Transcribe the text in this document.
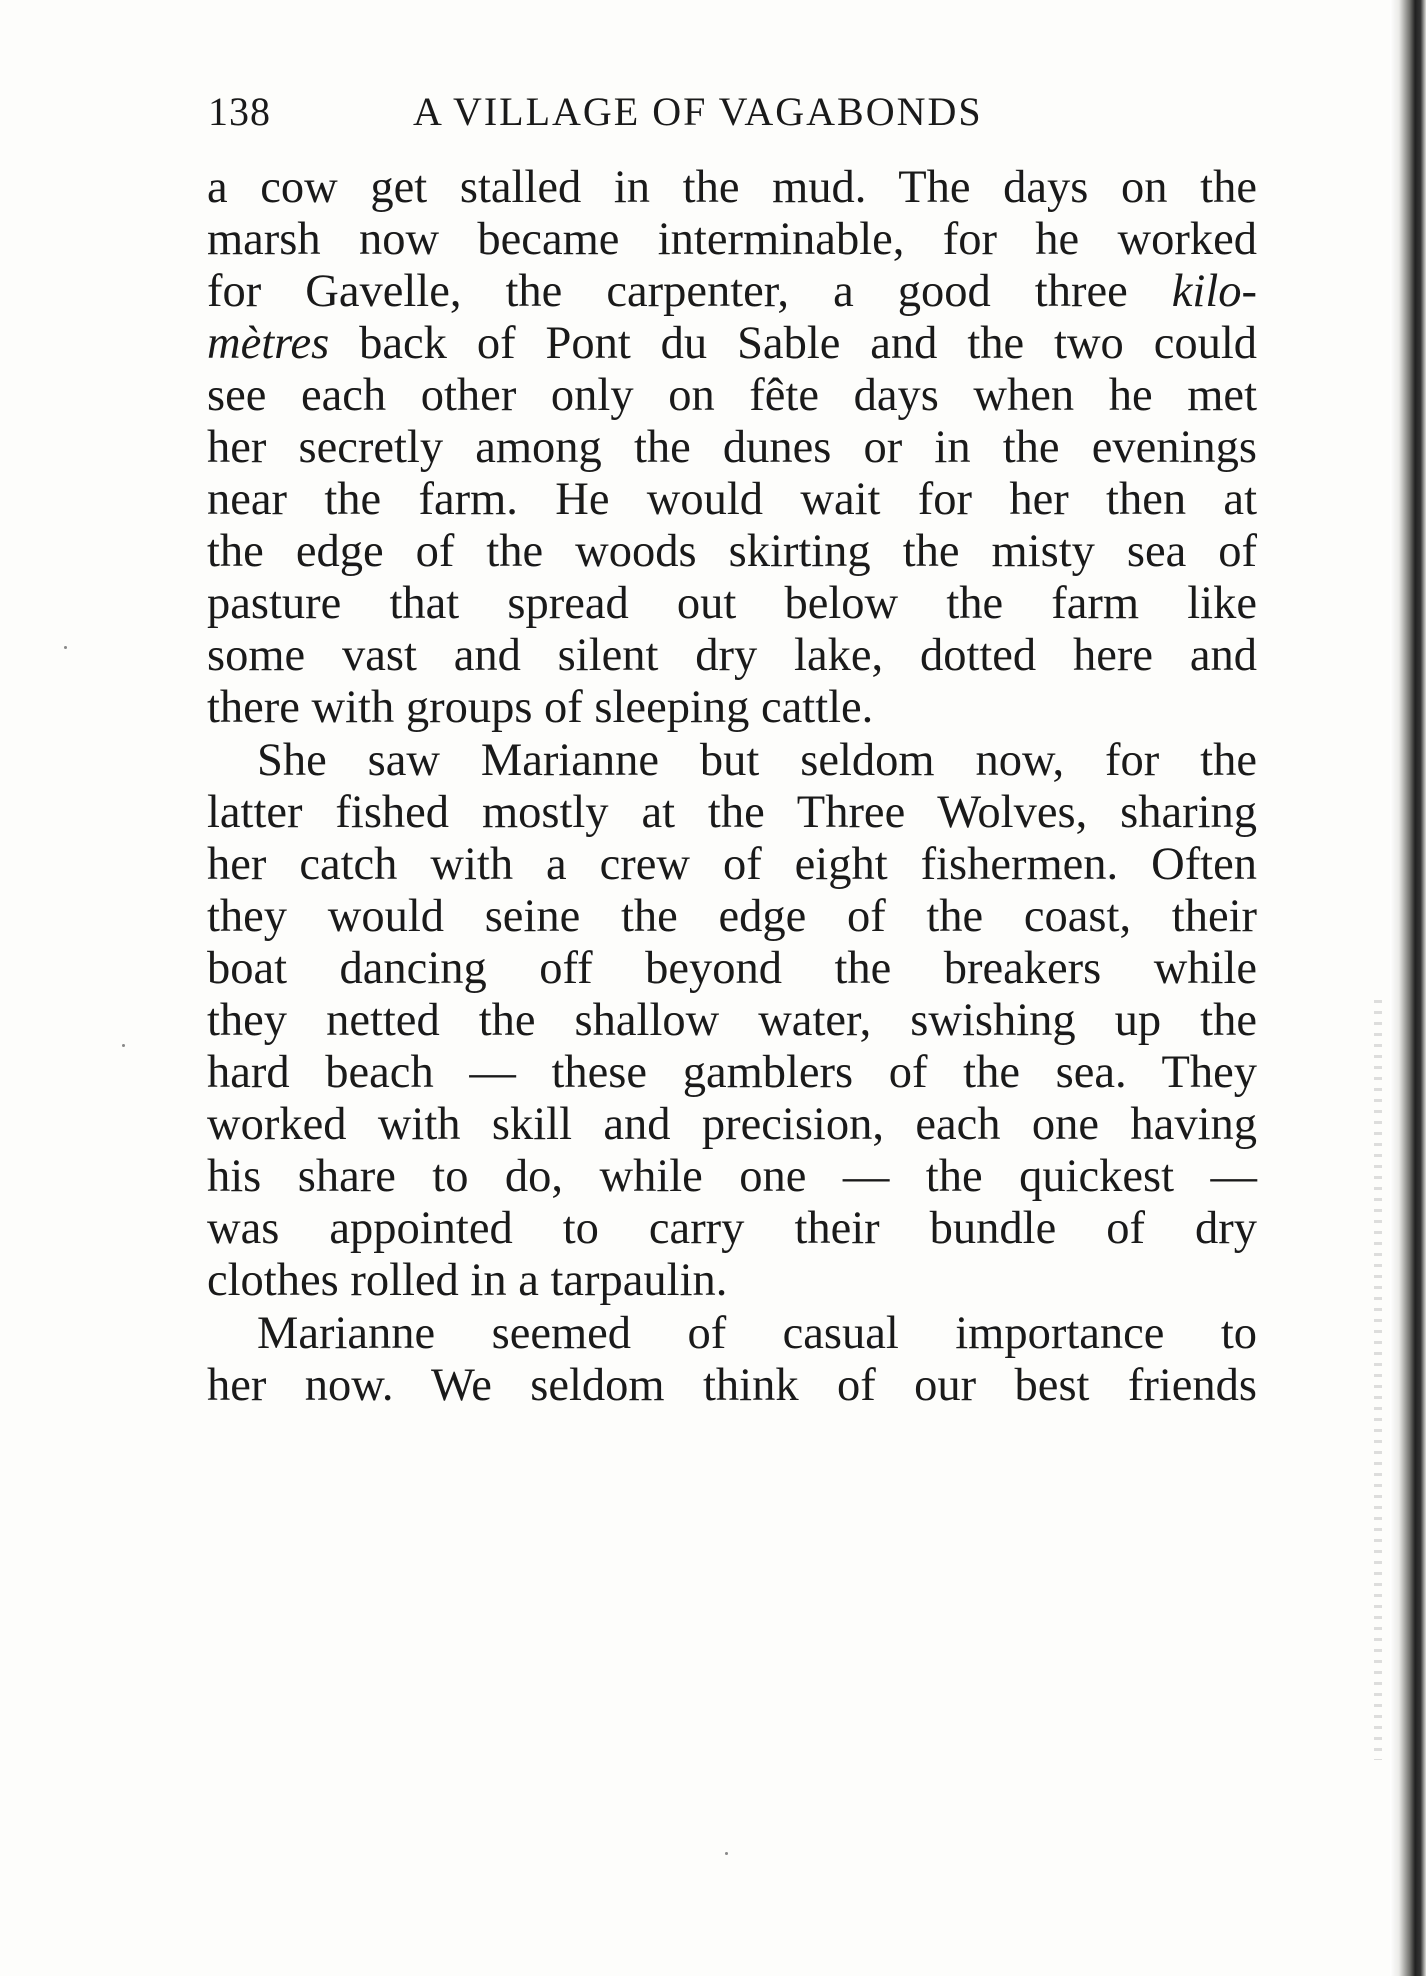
138	A VILLAGE OF VAGABONDS
a cow get stalled in the mud. The days on the
marsh now became interminable, for he worked
for Gavelle, the carpenter, a good three kilo-
mètres back of Pont du Sable and the two could
see each other only on fête days when he met
her secretly among the dunes or in the evenings
near the farm. He would wait for her then at
the edge of the woods skirting the misty sea of
pasture that spread out below the farm like
some vast and silent dry lake, dotted here and
there with groups of sleeping cattle.
She saw Marianne but seldom now, for the
latter fished mostly at the Three Wolves, sharing
her catch with a crew of eight fishermen. Often
they would seine the edge of the coast, their
boat dancing off beyond the breakers while
they netted the shallow water, swishing up the
hard beach — these gamblers of the sea. They
worked with skill and precision, each one having
his share to do, while one — the quickest —
was appointed to carry their bundle of dry
clothes rolled in a tarpaulin.
Marianne seemed of casual importance to
her now. We seldom think of our best friends
